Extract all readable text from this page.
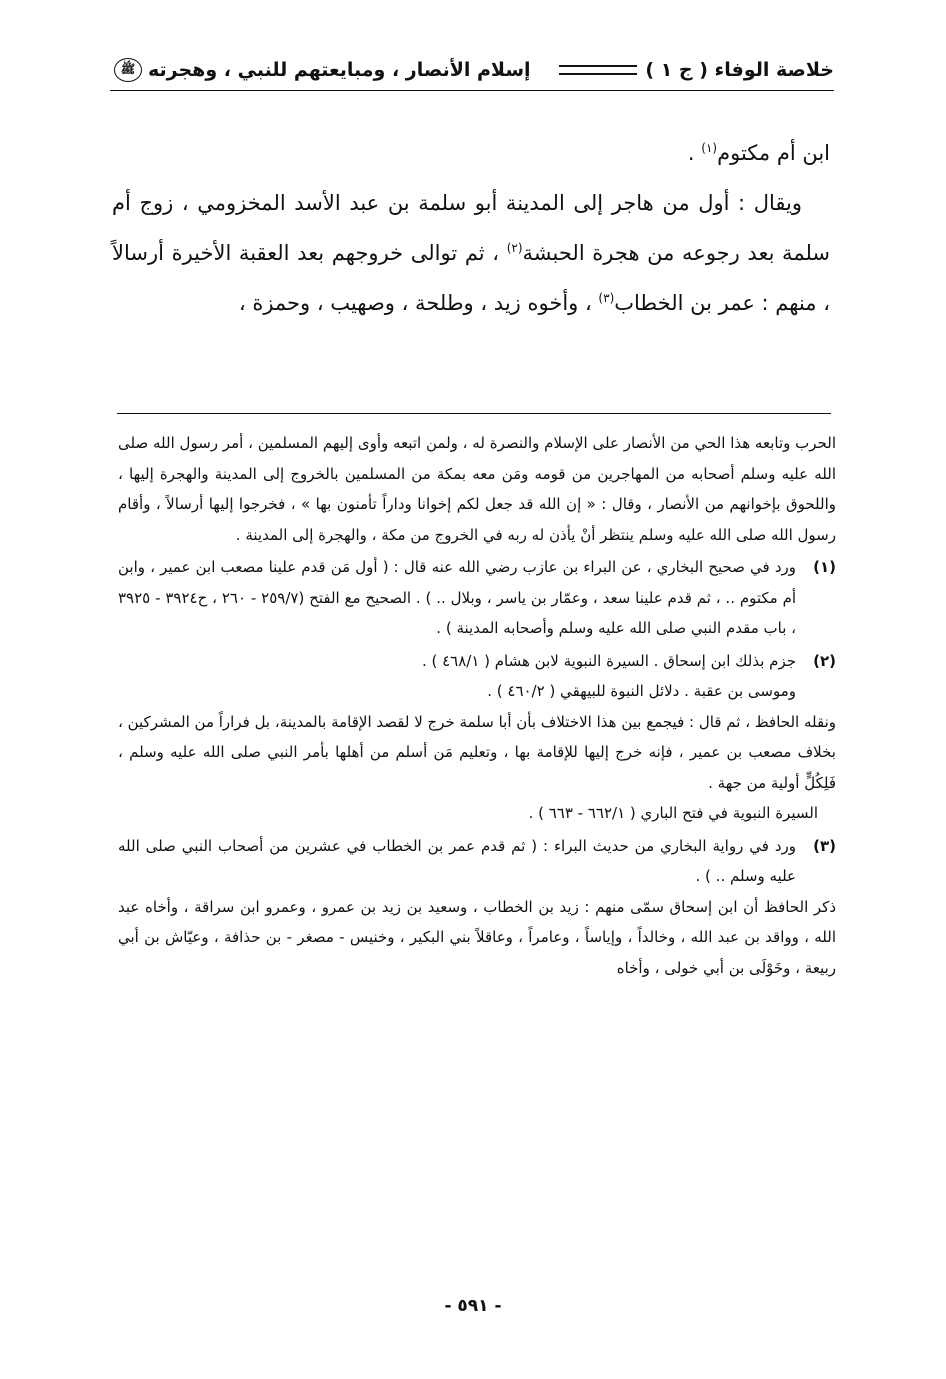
خلاصة الوفاء ( ج ١ )
إسلام الأنصار ، ومبايعتهم للنبي ، وهجرته
ﷺ

ابن أم مكتوم$^{(١)}$ .

ويقال : أول من هاجر إلى المدينة أبو سلمة بن عبد الأسد المخزومي ، زوج أم سلمة بعد رجوعه من هجرة الحبشة$^{(٢)}$ ، ثم توالى خروجهم بعد العقبة الأخيرة أرسالاً ، منهم : عمر بن الخطاب$^{(٣)}$ ، وأخوه زيد ، وطلحة ، وصهيب ، وحمزة ،

الحرب وتابعه هذا الحي من الأنصار على الإسلام والنصرة له ، ولمن اتبعه وأوى إليهم المسلمين ، أمر رسول الله صلى الله عليه وسلم أصحابه من المهاجرين من قومه ومَن معه بمكة من المسلمين بالخروج إلى المدينة والهجرة إليها ، واللحوق بإخوانهم من الأنصار ، وقال : « إن الله قد جعل لكم إخوانا وداراً تأمنون بها » ، فخرجوا إليها أرسالاً ، وأقام رسول الله صلى الله عليه وسلم ينتظر أنْ يأذن له ربه في الخروج من مكة ، والهجرة إلى المدينة .

(١)

ورد في صحيح البخاري ، عن البراء بن عازب رضي الله عنه قال : ( أول مَن قدم علينا مصعب ابن عمير ، وابن أم مكتوم .. ، ثم قدم علينا سعد ، وعمّار بن ياسر ، وبلال .. ) . الصحيح مع الفتح (٢٥٩/٧ - ٢٦٠ ، ح٣٩٢٤ - ٣٩٢٥ ، باب مقدم النبي صلى الله عليه وسلم وأصحابه المدينة ) .

(٢)

جزم بذلك ابن إسحاق . السيرة النبوية لابن هشام ( ٤٦٨/١ ) .

وموسى بن عقبة . دلائل النبوة للبيهقي ( ٤٦٠/٢ ) .

ونقله الحافظ ، ثم قال : فيجمع بين هذا الاختلاف بأن أبا سلمة خرج لا لقصد الإقامة بالمدينة، بل فراراً من المشركين ، بخلاف مصعب بن عمير ، فإنه خرج إليها للإقامة بها ، وتعليم مَن أسلم من أهلها بأمر النبي صلى الله عليه وسلم ، فَلِكُلٍّ أولية من جهة .

السيرة النبوية في فتح الباري ( ٦٦٢/١ - ٦٦٣ ) .

(٣)

ورد في رواية البخاري من حديث البراء : ( ثم قدم عمر بن الخطاب في عشرين من أصحاب النبي صلى الله عليه وسلم .. ) .

ذكر الحافظ أن ابن إسحاق سمّى منهم : زيد بن الخطاب ، وسعيد بن زيد بن عمرو ، وعمرو ابن سراقة ، وأخاه عبد الله ، وواقد بن عبد الله ، وخالداً ، وإياساً ، وعامراً ، وعاقلاً بني البكير ، وخنيس - مصغر - بن حذافة ، وعيّاش بن أبي ربيعة ، وخَوْلَى بن أبي خولى ، وأخاه

- ٥٩١ -
